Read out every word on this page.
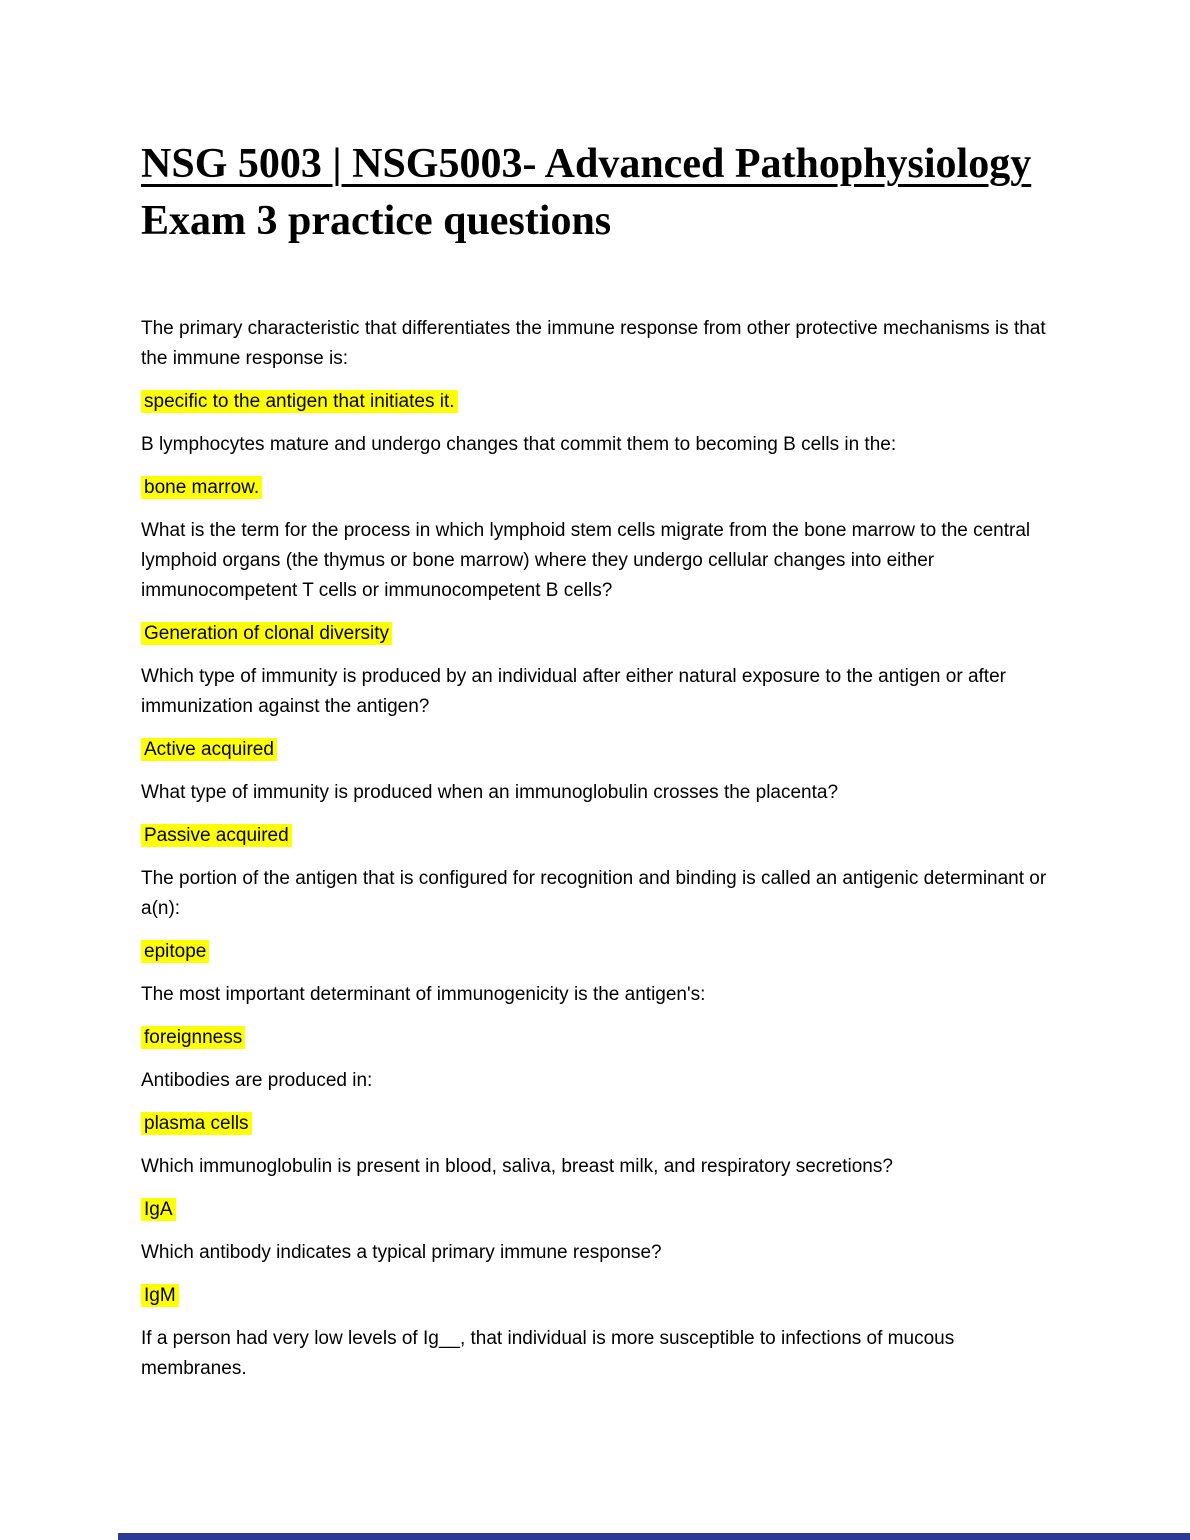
NSG 5003 | NSG5003- Advanced Pathophysiology Exam 3 practice questions

The primary characteristic that differentiates the immune response from other protective mechanisms is that the immune response is:

specific to the antigen that initiates it.

B lymphocytes mature and undergo changes that commit them to becoming B cells in the:

bone marrow.

What is the term for the process in which lymphoid stem cells migrate from the bone marrow to the central lymphoid organs (the thymus or bone marrow) where they undergo cellular changes into either immunocompetent T cells or immunocompetent B cells?

Generation of clonal diversity

Which type of immunity is produced by an individual after either natural exposure to the antigen or after immunization against the antigen?

Active acquired

What type of immunity is produced when an immunoglobulin crosses the placenta?

Passive acquired

The portion of the antigen that is configured for recognition and binding is called an antigenic determinant or a(n):

epitope

The most important determinant of immunogenicity is the antigen's:

foreignness

Antibodies are produced in:

plasma cells

Which immunoglobulin is present in blood, saliva, breast milk, and respiratory secretions?

IgA

Which antibody indicates a typical primary immune response?

IgM

If a person had very low levels of Ig__, that individual is more susceptible to infections of mucous membranes.
